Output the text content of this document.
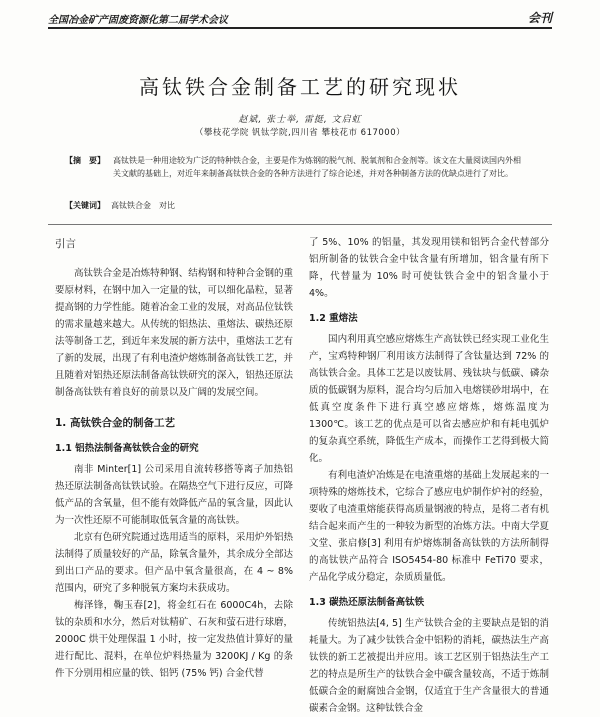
全国冶金矿产固废资源化第二届学术会议	会刊
高钛铁合金制备工艺的研究现状
赵斌, 张士举, 雷挺, 文启虹
（攀枝花学院 钒钛学院,四川省 攀枝花市 617000）
【摘　要】 高钛铁是一种用途较为广泛的特种铁合金，主要是作为炼钢的脱气剂、脱氧剂和合金剂等。该文在大量阅读国内外相关文献的基础上，对近年来制备高钛铁合金的各种方法进行了综合论述，并对各种制备方法的优缺点进行了对比。
【关键词】 高钛铁合金　对比
引言

高钛铁合金是冶炼特种钢、结构钢和特种合金钢的重要原材料，在钢中加入一定量的钛，可以细化晶粒，显著提高钢的力学性能。随着冶金工业的发展，对高品位钛铁的需求量越来越大。从传统的铝热法、重熔法、碳热还原法等制备工艺，到近年来发展的新方法中，重熔法工艺有了新的发展，出现了有利电渣炉熔炼制备高钛铁工艺，并且随着对铝热还原法制备高钛铁研究的深入，铝热还原法制备高钛铁有着良好的前景以及广阔的发展空间。

1. 高钛铁合金的制备工艺
1.1 铝热法制备高钛铁合金的研究

南非 Minter[1] 公司采用自流转移搭等离子加热铝热还原法制备高钛铁试验。在隔热空气下进行反应，可降低产品的含氧量，但不能有效降低产品的氧含量，因此认为一次性还原不可能制取低氧含量的高钛铁。

北京有色研究院通过选用适当的原料，采用炉外铝热法制得了质量较好的产品，除氧含量外，其余成分全部达到出口产品的要求。但产品中氧含量很高，在 4 ~ 8% 范围内，研究了多种脱氧方案均未获成功。

梅泽锋，鞠玉春[2]，将金红石在 6000C4h，去除钛的杂质和水分，然后对钛精矿、石灰和萤石进行球磨，2000C 烘干处理保温 1 小时，按一定发热值计算好的量进行配比、混料，在单位炉料热量为 3200KJ / Kg 的条件下分别用相应量的铁、铝钙 (75% 钙) 合金代替

了 5%、10% 的铝量，其发现用镁和铝钙合金代替部分铝所制备的钛铁合金中钛含量有所增加，铝含量有所下降，代替量为 10% 时可使钛铁合金中的铝含量小于 4%。

1.2 重熔法

国内利用真空感应熔炼生产高钛铁已经实现工业化生产，宝鸡特种钢厂利用该方法制得了含钛量达到 72% 的高钛铁合金。具体工艺是以废钛屑、残钛块与低碳、磷杂质的低碳钢为原料，混合均匀后加入电熔镁砂坩埚中，在低真空度条件下进行真空感应熔炼，熔炼温度为 1300℃。该工艺的优点是可以省去感应炉和有耗电弧炉的复杂真空系统，降低生产成本，而操作工艺得到极大简化。

有利电渣炉冶炼是在电渣重熔的基础上发展起来的一项特殊的熔炼技术，它综合了感应电炉制作炉衬的经验，要收了电渣重熔能获得高质量钢液的特点，是将二者有机结合起来而产生的一种较为新型的冶炼方法。中南大学夏文堂、张启修[3] 利用有炉熔炼制备高钛铁的方法所制得的高钛铁产品符合 ISO5454-80 标准中 FeTi70 要求，产品化学成分稳定，杂质质量低。

1.3 碳热还原法制备高钛铁

传统铝热法[4, 5] 生产钛铁合金的主要缺点是铝的消耗量大。为了减少钛铁合金中铝粉的消耗，碳热法生产高钛铁的新工艺被提出并应用。该工艺区别于铝热法生产工艺的特点是所生产的钛铁合金中碳含量较高，不适于炼制低碳合金的耐腐蚀合金钢，仅适宜于生产含量很大的普通碳素合金钢。这种钛铁合金
